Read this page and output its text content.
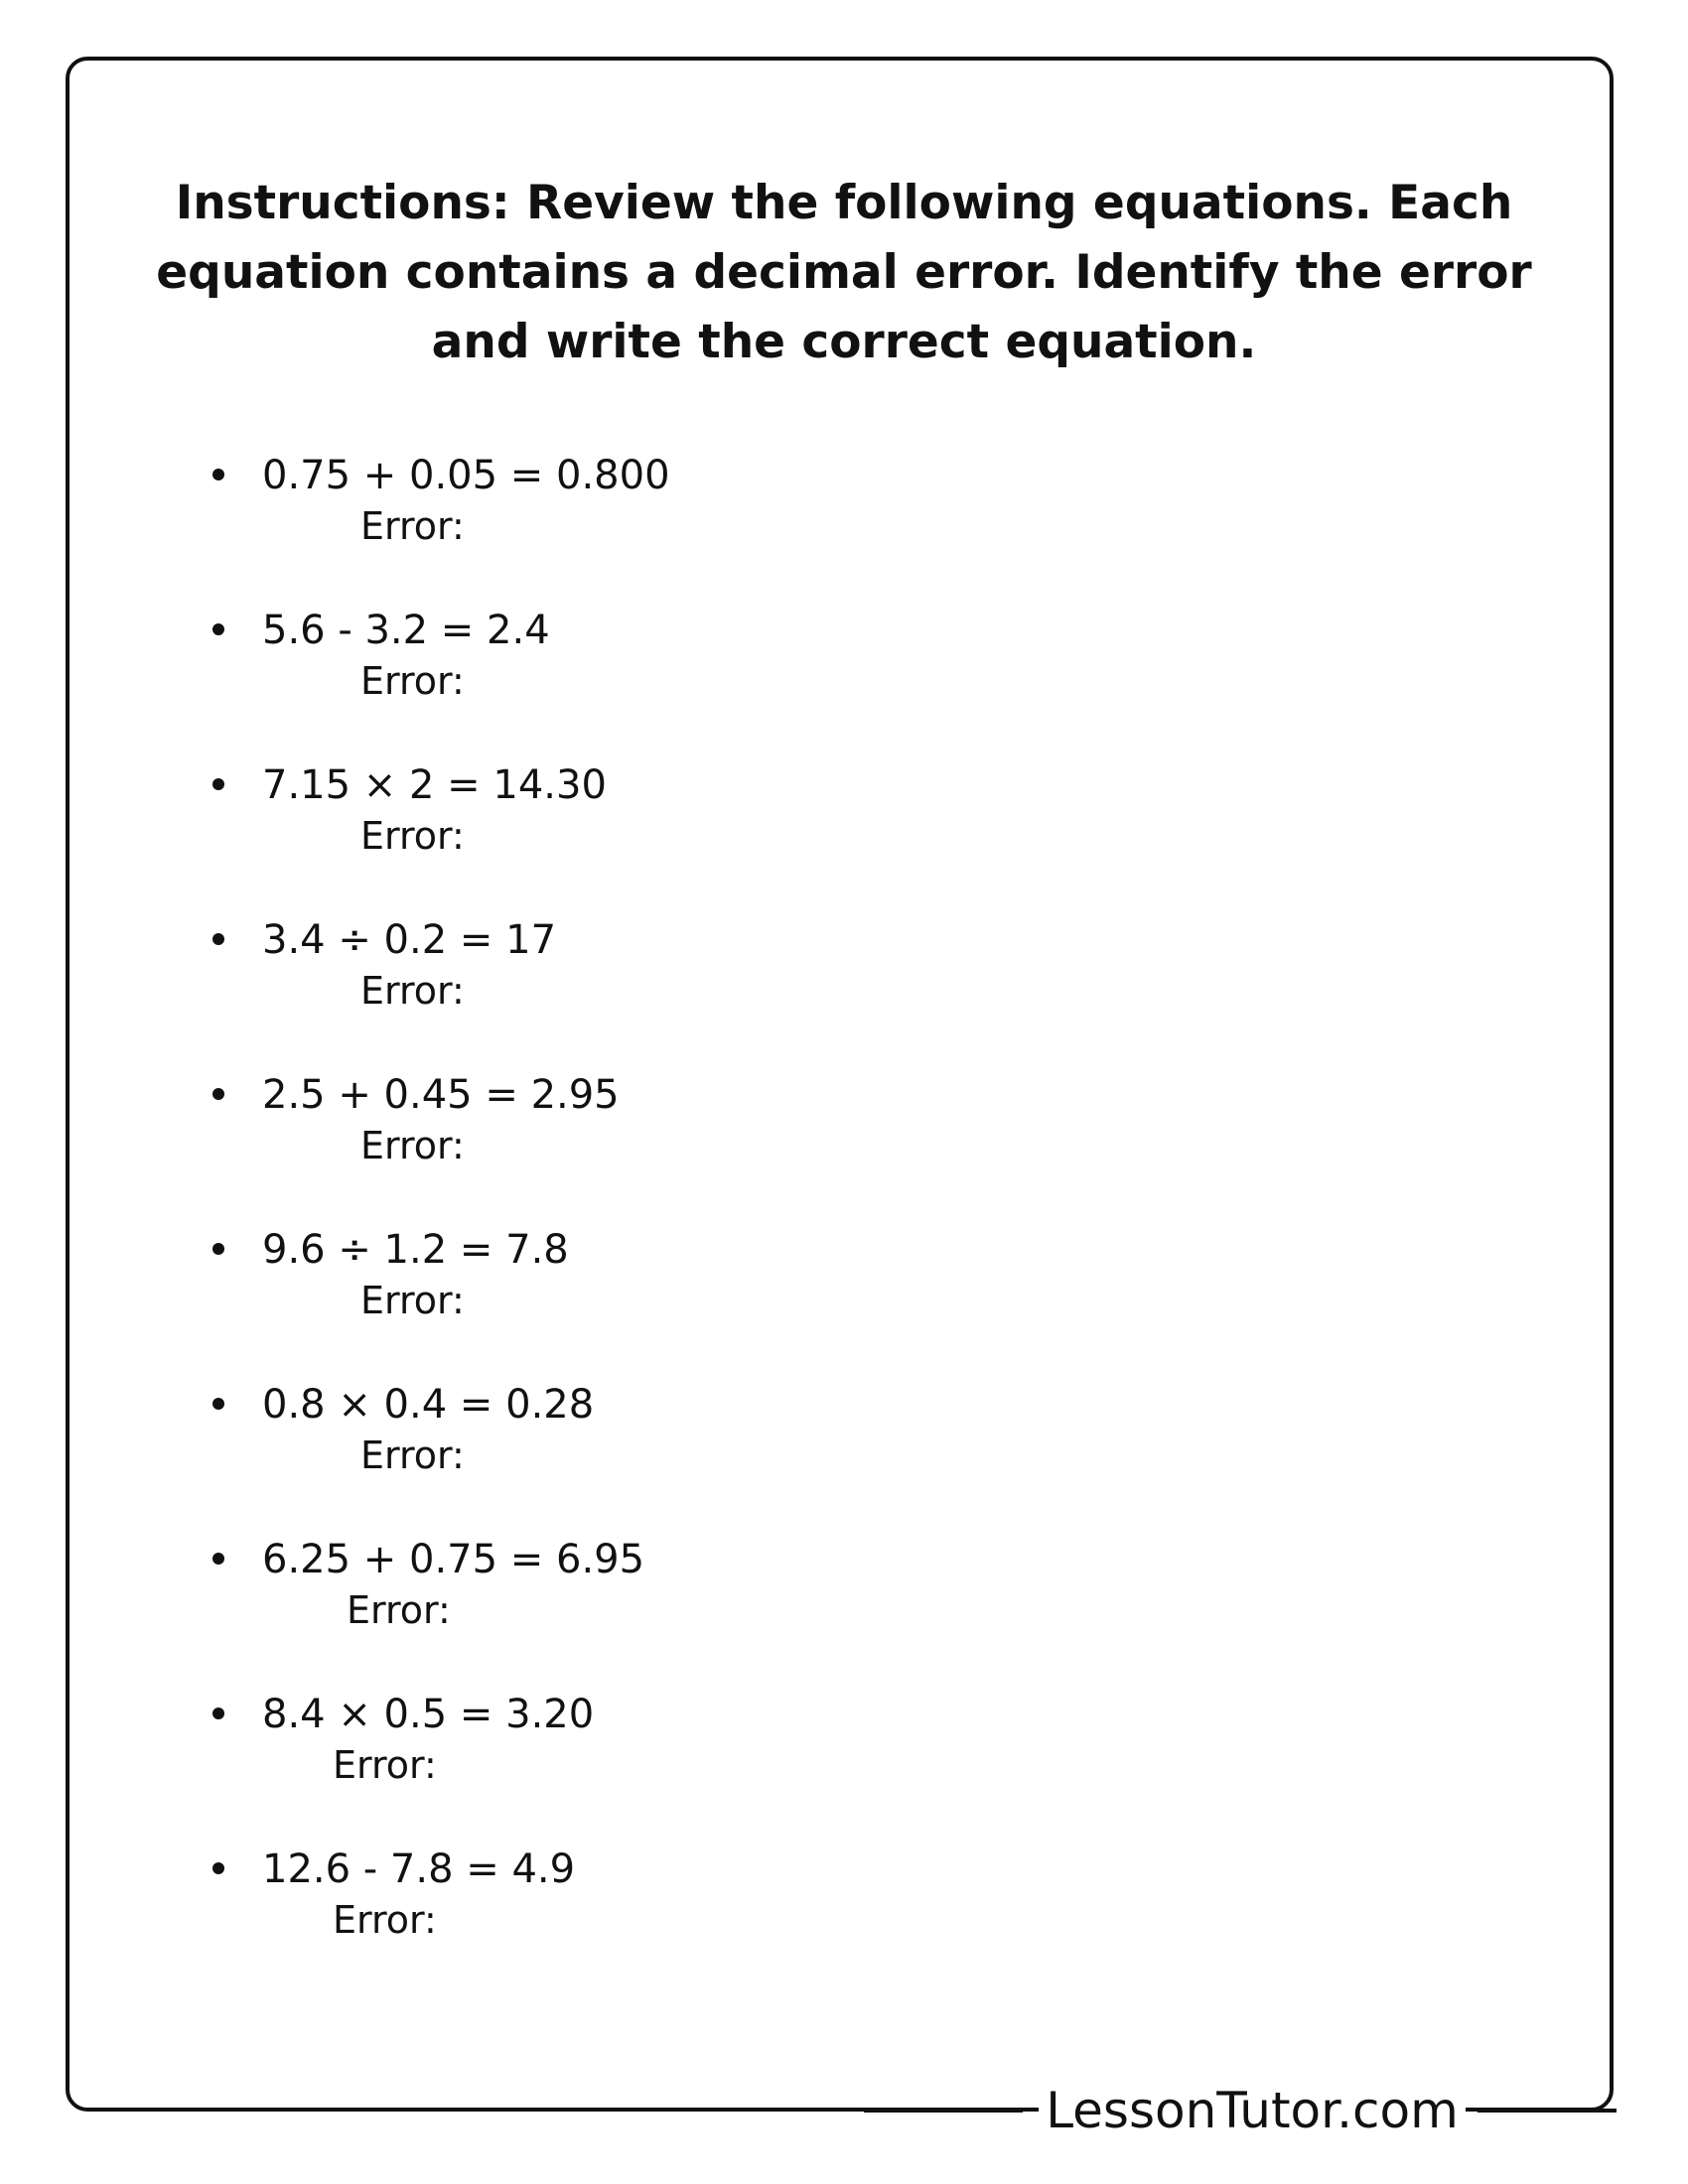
Instructions: Review the following equations. Each equation contains a decimal error. Identify the error and write the correct equation.
0.75 + 0.05 = 0.800
Error:
5.6 - 3.2 = 2.4
Error:
7.15 × 2 = 14.30
Error:
3.4 ÷ 0.2 = 17
Error:
2.5 + 0.45 = 2.95
Error:
9.6 ÷ 1.2 = 7.8
Error:
0.8 × 0.4 = 0.28
Error:
6.25 + 0.75 = 6.95
Error:
8.4 × 0.5 = 3.20
Error:
12.6 - 7.8 = 4.9
Error:
LessonTutor.com
